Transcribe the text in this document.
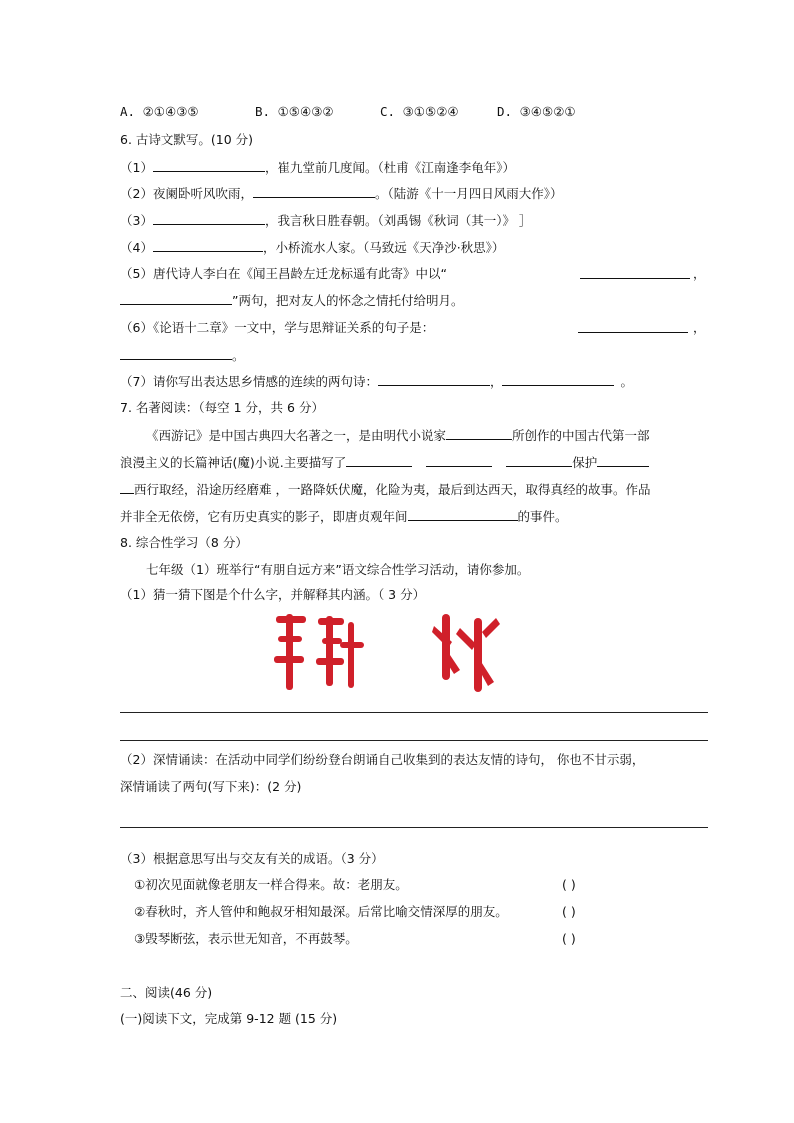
A. ②①④③⑤	B. ①⑤④③②	C. ③①⑤②④	D. ③④⑤②①
6. 古诗文默写。(10 分)
（1）	，崔九堂前几度闻。（杜甫《江南逢李龟年》）
（2）夜阑卧听风吹雨，	。（陆游《十一月四日风雨大作》）
（3）	，我言秋日胜春朝。（刘禹锡《秋词（其一）》 ］
（4）	，小桥流水人家。（马致远《天净沙·秋思》）
（5）唐代诗人李白在《闻王昌龄左迁龙标遥有此寄》中以“	，
”两句，把对友人的怀念之情托付给明月。
（6）《论语十二章》一文中，学与思辩证关系的句子是：	，
。
（7）请你写出表达思乡情感的连续的两句诗：	，	。
7. 名著阅读：（每空 1 分，共 6 分）
《西游记》是中国古典四大名著之一，是由明代小说家	所创作的中国古代第一部
浪漫主义的长篇神话(魔)小说.主要描写了	保护
西行取经，沿途历经磨难 ，一路降妖伏魔，化险为夷，最后到达西天，取得真经的故事。作品
并非全无依傍，它有历史真实的影子，即唐贞观年间	的事件。
8. 综合性学习（8 分）
七年级（1）班举行“有朋自远方来”语文综合性学习活动，请你参加。
（1）猜一猜下图是个什么字，并解释其内涵。（ 3 分）
（2）深情诵读：在活动中同学们纷纷登台朗诵自己收集到的表达友情的诗句， 你也不甘示弱，
深情诵读了两句(写下来)：(2 分)
（3）根据意思写出与交友有关的成语。（3 分）
①初次见面就像老朋友一样合得来。故：老朋友。
②春秋时，齐人管仲和鲍叔牙相知最深。后常比喻交情深厚的朋友。
③毁琴断弦，表示世无知音，不再鼓琴。
( )
( )
( )
二、阅读(46 分)
(一)阅读下文，完成第 9-12 题 (15 分)
